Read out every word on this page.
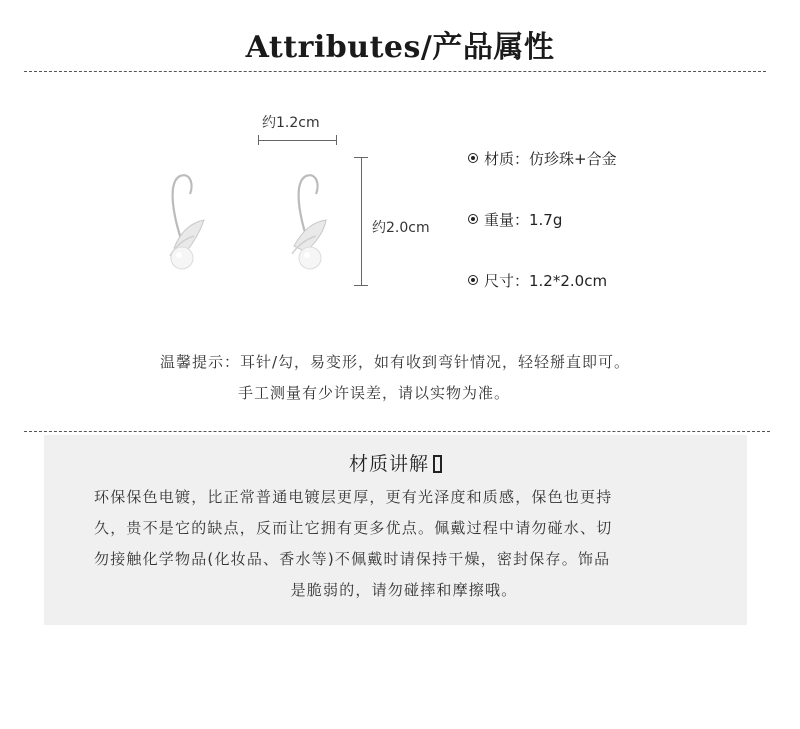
Attributes/产品属性
约1.2cm
约2.0cm
材质：仿珍珠+合金
重量：1.7g
尺寸：1.2*2.0cm
温馨提示：耳针/勾，易变形，如有收到弯针情况，轻轻掰直即可。
手工测量有少许误差，请以实物为准。
材质讲解
环保保色电镀，比正常普通电镀层更厚，更有光泽度和质感，保色也更持
久，贵不是它的缺点，反而让它拥有更多优点。佩戴过程中请勿碰水、切
勿接触化学物品(化妆品、香水等)不佩戴时请保持干燥，密封保存。饰品
是脆弱的，请勿碰摔和摩擦哦。
